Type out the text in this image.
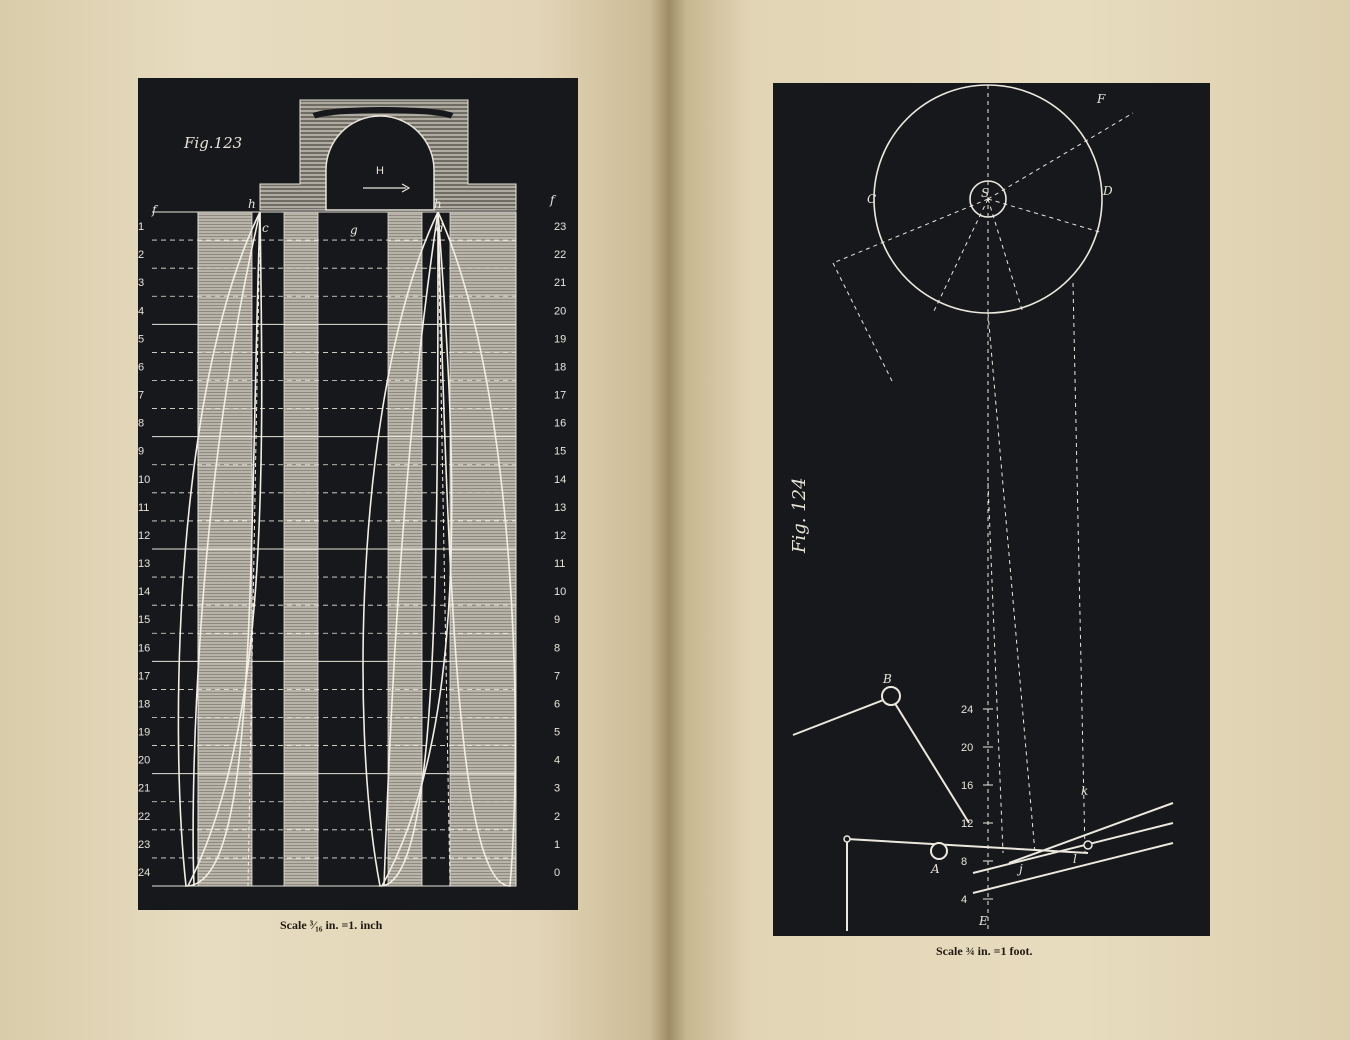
Fig.123
f
f
h	h
c	d
g
H
1
2
3
4
5
6
7
8
9
10
11
12
13
14
15
16
17
18
19
20
21
22
23
24
23
22
21
20
19
18
17
16
15
14
13
12
11
10
9
8
7
6
5
4
3
2
1
0
Scale ³⁄₁₆ in. =1. inch
Fig. 124
S
C
D
F
E
A
B
k
l
j
24
20
16
12
8
4
Scale ¾ in. =1 foot.
